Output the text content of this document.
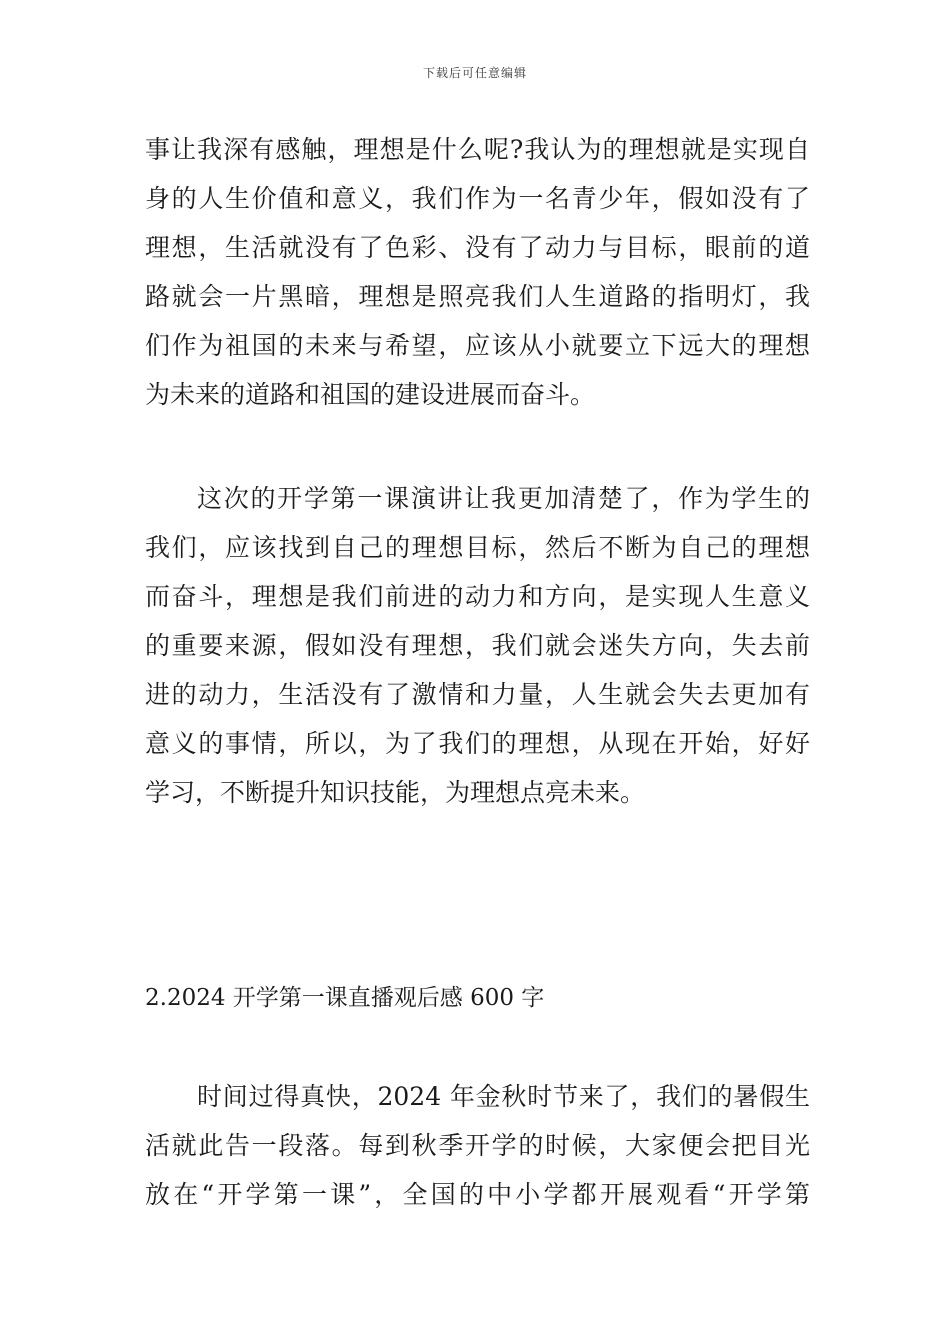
下载后可任意编辑
事让我深有感触，理想是什么呢?我认为的理想就是实现自
身的人生价值和意义，我们作为一名青少年，假如没有了
理想，生活就没有了色彩、没有了动力与目标，眼前的道
路就会一片黑暗，理想是照亮我们人生道路的指明灯，我
们作为祖国的未来与希望，应该从小就要立下远大的理想
为未来的道路和祖国的建设进展而奋斗。
这次的开学第一课演讲让我更加清楚了，作为学生的
我们，应该找到自己的理想目标，然后不断为自己的理想
而奋斗，理想是我们前进的动力和方向，是实现人生意义
的重要来源，假如没有理想，我们就会迷失方向，失去前
进的动力，生活没有了激情和力量，人生就会失去更加有
意义的事情，所以，为了我们的理想，从现在开始，好好
学习，不断提升知识技能，为理想点亮未来。
2.2024 开学第一课直播观后感 600 字
时间过得真快，2024 年金秋时节来了，我们的暑假生
活就此告一段落。每到秋季开学的时候，大家便会把目光
放在“开学第一课”，全国的中小学都开展观看“开学第
